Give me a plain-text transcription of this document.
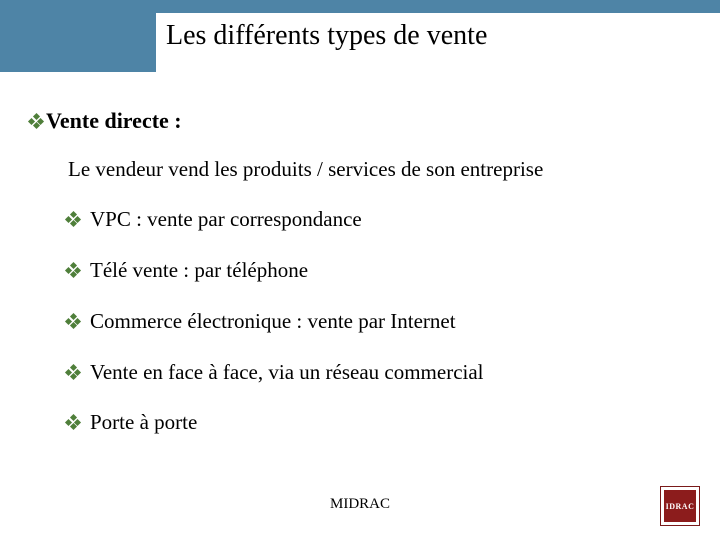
Les différents types de vente
Vente directe :
Le vendeur vend les produits / services de son entreprise
VPC : vente par correspondance
Télé vente : par téléphone
Commerce électronique : vente par Internet
Vente en face à face, via un réseau commercial
Porte à porte
MIDRAC	IDRAC
